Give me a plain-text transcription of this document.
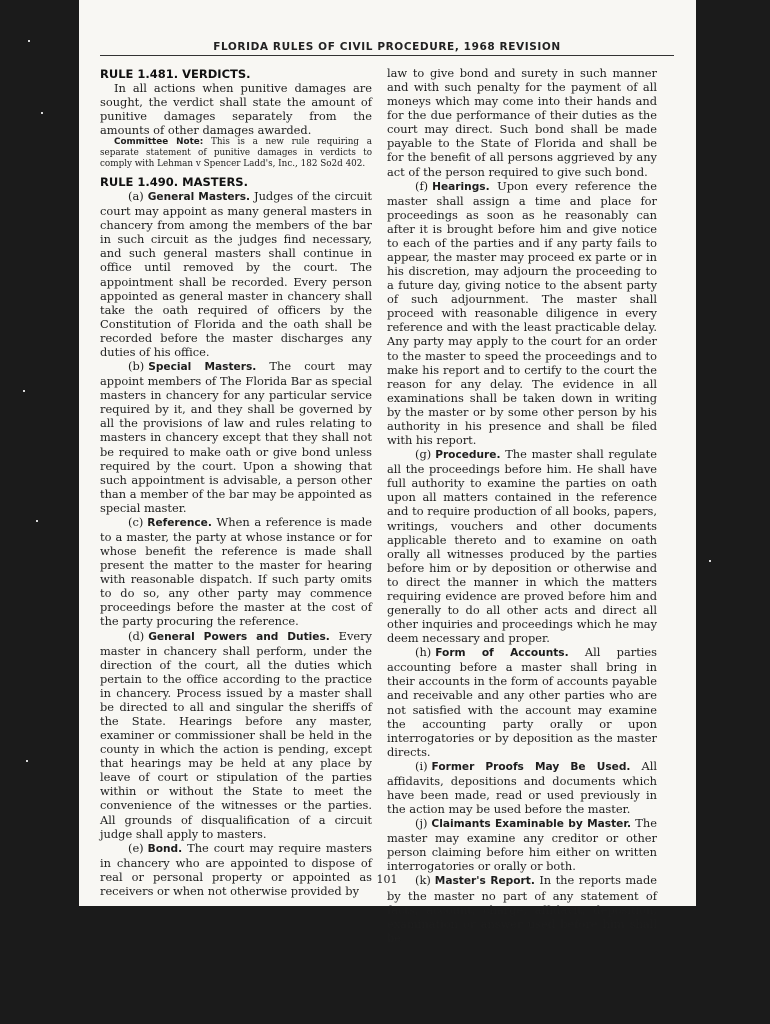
FLORIDA RULES OF CIVIL PROCEDURE, 1968 REVISION
RULE 1.481. VERDICTS.

In all actions when punitive damages are sought, the verdict shall state the amount of punitive damages separately from the amounts of other damages awarded.

Committee Note: This is a new rule requiring a separate statement of punitive damages in verdicts to comply with Lehman v Spencer Ladd's, Inc., 182 So2d 402.

RULE 1.490. MASTERS.

(a) General Masters. Judges of the circuit court may appoint as many general masters in chancery from among the members of the bar in such circuit as the judges find necessary, and such general masters shall continue in office until removed by the court. The appointment shall be recorded. Every person appointed as general master in chancery shall take the oath required of officers by the Constitution of Florida and the oath shall be recorded before the master discharges any duties of his office.

(b) Special Masters. The court may appoint members of The Florida Bar as special masters in chancery for any particular service required by it, and they shall be governed by all the provisions of law and rules relating to masters in chancery except that they shall not be required to make oath or give bond unless required by the court. Upon a showing that such appointment is advisable, a person other than a member of the bar may be appointed as special master.

(c) Reference. When a reference is made to a master, the party at whose instance or for whose benefit the reference is made shall present the matter to the master for hearing with reasonable dispatch. If such party omits to do so, any other party may commence proceedings before the master at the cost of the party procuring the reference.

(d) General Powers and Duties. Every master in chancery shall perform, under the direction of the court, all the duties which pertain to the office according to the practice in chancery. Process issued by a master shall be directed to all and singular the sheriffs of the State. Hearings before any master, examiner or commissioner shall be held in the county in which the action is pending, except that hearings may be held at any place by leave of court or stipulation of the parties within or without the State to meet the convenience of the witnesses or the parties. All grounds of disqualification of a circuit judge shall apply to masters.

(e) Bond. The court may require masters in chancery who are appointed to dispose of real or personal property or appointed as receivers or when not otherwise provided by

law to give bond and surety in such manner and with such penalty for the payment of all moneys which may come into their hands and for the due performance of their duties as the court may direct. Such bond shall be made payable to the State of Florida and shall be for the benefit of all persons aggrieved by any act of the person required to give such bond.

(f) Hearings. Upon every reference the master shall assign a time and place for proceedings as soon as he reasonably can after it is brought before him and give notice to each of the parties and if any party fails to appear, the master may proceed ex parte or in his discretion, may adjourn the proceeding to a future day, giving notice to the absent party of such adjournment. The master shall proceed with reasonable diligence in every reference and with the least practicable delay. Any party may apply to the court for an order to the master to speed the proceedings and to make his report and to certify to the court the reason for any delay. The evidence in all examinations shall be taken down in writing by the master or by some other person by his authority in his presence and shall be filed with his report.

(g) Procedure. The master shall regulate all the proceedings before him. He shall have full authority to examine the parties on oath upon all matters contained in the reference and to require production of all books, papers, writings, vouchers and other documents applicable thereto and to examine on oath orally all witnesses produced by the parties before him or by deposition or otherwise and to direct the manner in which the matters requiring evidence are proved before him and generally to do all other acts and direct all other inquiries and proceedings which he may deem necessary and proper.

(h) Form of Accounts. All parties accounting before a master shall bring in their accounts in the form of accounts payable and receivable and any other parties who are not satisfied with the account may examine the accounting party orally or upon interrogatories or by deposition as the master directs.

(i) Former Proofs May Be Used. All affidavits, depositions and documents which have been made, read or used previously in the action may be used before the master.

(j) Claimants Examinable by Master. The master may examine any creditor or other person claiming before him either on written interrogatories or orally or both.

(k) Master's Report. In the reports made by the master no part of any statement of facts, account, charge, affidavit, deposition, examination or answer used before him shall be

101
